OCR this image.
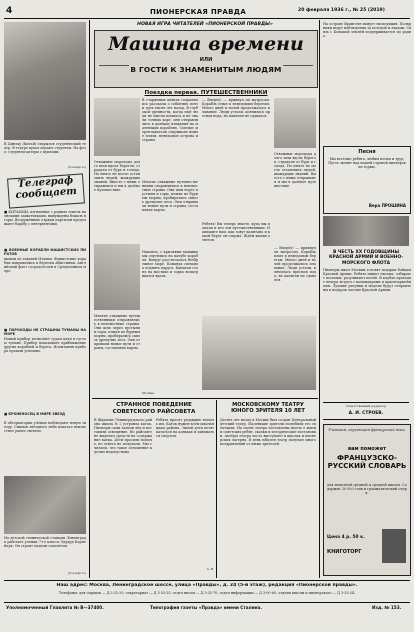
4	ПИОНЕРСКАЯ ПРАВДА	20 февраля 1936 г., № 25 (2019)
В Цинзау (Китай) открылся студенческий театр. В театре кукол играют студенты. На фото: студенты-актеры с куклами.
(Союзфото)
Телеграф сообщает
■ КИТАЙЦЫ, изгнанные с родных земель японскими захватчиками, вынуждены бежать в горы. Вооружённые отряды партизан продолжают борьбу с интервентами.
■ ВОЕННЫЕ КОРАБЛИ ФАШИСТСКИХ ПИРАТОВ
вышли из гаваней Италии. Фашистские корабли направились к берегам Абиссинии. Английский флот сосредоточен в Средиземном море.
■ ПАРОХОДЫ НЕ СТРАШНЫ ТУМАНЫ НА МОРЕ
Новый прибор позволяет судам идти в густом тумане. Прибор показывает приближение других кораблей и берега. Испытания прибора прошли успешно.
■ БРОНЕНОСЕЦ В МИРЕ ЗВЁЗД
В обсерватории учёные наблюдают новую звезду. Снимок звёздного неба показал неизвестное ранее светило.
На детской технической станции Ленинграда работает ученик 7-го класса Эдуард Карнейчук. Он строит модели самолётов.
(Союзфото)
НОВАЯ ИГРА ЧИТАТЕЛЕЙ «ПИОНЕРСКОЙ ПРАВДЫ»
Машина времени
ИЛИ
В ГОСТИ К ЗНАМЕНИТЫМ ЛЮДЯМ
Поездка первая. ПУТЕШЕСТВЕННИКИ
В старинных книгах сохранились рассказы о событиях почти трех тысяч лет назад. В глубокой древности, когда ещё люди не имели компаса и не знали точных карт, они отправлялись в далёкие плавания на маленьких кораблях. Смелые мореплаватели открывали новые земли, неведомые острова и страны.
Отважные мореходы долго шли вдоль берегов, страдали от бурь и голода. Но ничто не могло остановить людей, жаждущих знаний. Вместе с ними отправимся и мы в далёкое путешествие.
Многие отважные путешественники отправлялись в неизвестные страны. Они шли через пустыни и горы, плыли по бурным морям, пробирались сквозь дремучие леса. Они открывали новые пути и страны, составляли карты.
Наконец, с крыльями машины мы очутились на палубе корабля. Вокруг расстилалось безбрежное море. Команда спешила поднять паруса. Капитан стоял на мостике и зорко всматривался вдаль.
— Вперёд! — крикнул он матросам. Корабль плыл к неведомым берегам. Много дней и ночей продолжалось плавание. Люди устали, кончилась пресная вода, но капитан не сдавался.
Ребята! Вы теперь знаете, куда мы попали и кто эти путешественники. Напишите нам, как зовут капитана и какой берег он открыл. Ждём ваших ответов.
Отважные мореходы долго шли вдоль берегов, страдали от бурь и голода. Но ничто не могло остановить людей, жаждущих знаний. Вместе с ними отправимся и мы в далёкое путешествие.
Многие отважные путешественники отправлялись в неизвестные страны. Они шли через пустыни и горы, плыли по бурным морям, пробирались сквозь дремучие леса. Они открывали новые пути и страны, составляли карты.
— Вперёд! — крикнул он матросам. Корабль плыл к неведомым берегам. Много дней и ночей продолжалось плавание. Люди устали, кончилась пресная вода, но капитан не сдавался.
Москва.
СТРАННОЕ ПОВЕДЕНИЕ СОВЕТСКОГО РАЙСОВЕТА
В Жданове Ленинградского района школа № 2 устроила каток. Пионеры сами залили лёд и поставили освещение. Но райсовет не выделил средств на содержание катка. Дети просили помочь, но ответа не получили. Мы считаем, что такое отношение к детям недопустимо.
Ребята просят редакцию помочь им. Каток нужен всем школьникам района. Зимой дети хотят кататься на коньках и заниматься спортом.
А. В.
МОСКОВСКОМУ ТЕАТРУ ЮНОГО ЗРИТЕЛЯ 10 ЛЕТ
Десять лет назад в Москве был создан Центральный детский театр. Маленькие зрители полюбили его спектакли. На сцене театра поставлены пьесы о жизни советских ребят, сказки и исторические постановки. Актёры театра часто выступают в школах и пионерских лагерях. В день юбилея театр получил много поздравлений от юных зрителей.
На острове Врангеля зимует экспедиция. Полярники ведут наблюдения за погодой и льдами. Связь с Большой землёй поддерживается по радио.
Песня
Мы весёлые ребята, любим песни и труд. Пусть звенят над нашей страной пионерские горны.
Вера ПРОШИНА
В ЧЕСТЬ XX ГОДОВЩИНЫ КРАСНОЙ АРМИИ И ВОЕННО-МОРСКОГО ФЛОТА
Пионеры школ Москвы готовят подарки бойцам Красной Армии. Ребята пишут письма, собирают посылки, разучивают песни. В клубах проходят вечера встреч с командирами и красноармейцами. Лучшие рисунки и модели будут отправлены в подарок частям Красной Армии.
Ответственный редактор
А. И. СТРОЕВ.
Ученикам, изучающим французский язык,
вам поможет
ФРАНЦУЗСКО-РУССКИЙ СЛОВАРЬ
для неполной средней и средней школы. Содержит 20 000 слов и грамматический очерк.
Цена 4 р. 50 к.
КНИГОТОРГ
Наш адрес: Москва, Ленинградское шоссе, улица «Правды», д. 24 (5-й этаж), редакция «Пионерской правды».
Телефоны: для справок — Д 3-32-20, секретариат — Д 3-33-25, отдел писем — Д 3-32-70, отдел информации — Д 3-00-60, отделы школы и пионерского — Д 3-33-24.
Уполномоченный Главлита № В—37400.	Типография газеты «Правда» имени Сталина.	Изд. № 153.
